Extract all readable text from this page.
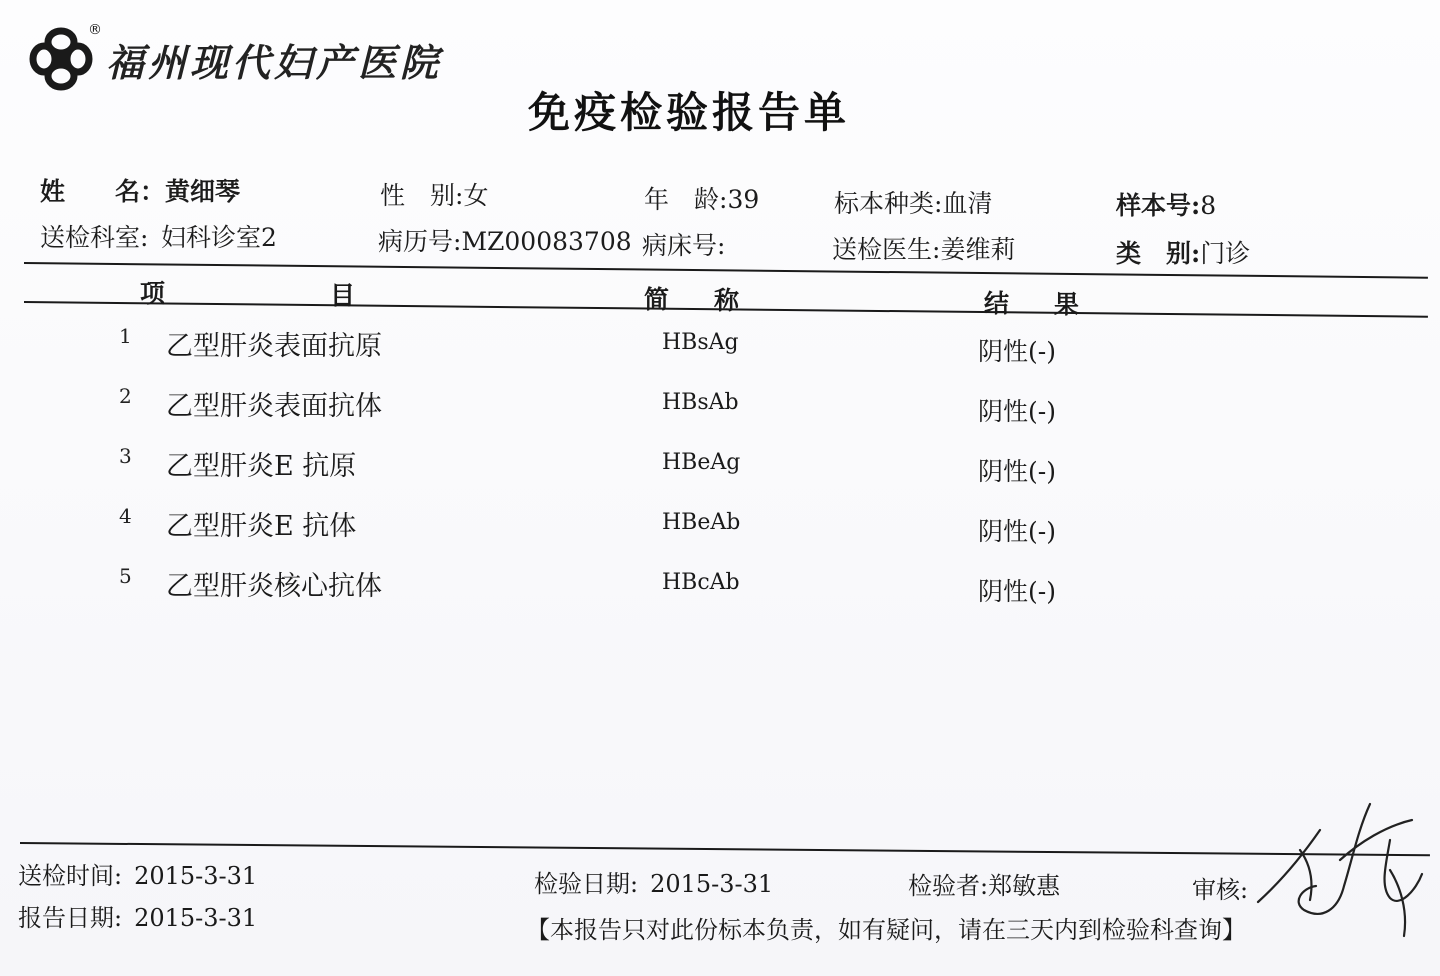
福州现代妇产医院
®
免疫检验报告单
姓　　名：黄细琴	性　别:女	年　龄:39	标本种类:血清	样本号:8
送检科室:  妇科诊室2	病历号:MZ00083708 病床号:	送检医生:姜维莉	类　别:门诊
项	目	简 称	结 果
1 乙型肝炎表面抗原	HBsAg	阴性(-)
2 乙型肝炎表面抗体	HBsAb	阴性(-)
3 乙型肝炎E 抗原	HBeAg	阴性(-)
4 乙型肝炎E 抗体	HBeAb	阴性(-)
5 乙型肝炎核心抗体	HBcAb	阴性(-)
送检时间:  2015-3-31
报告日期:  2015-3-31
检验日期:  2015-3-31	检验者:郑敏惠	审核:
【本报告只对此份标本负责，如有疑问，请在三天内到检验科查询】
